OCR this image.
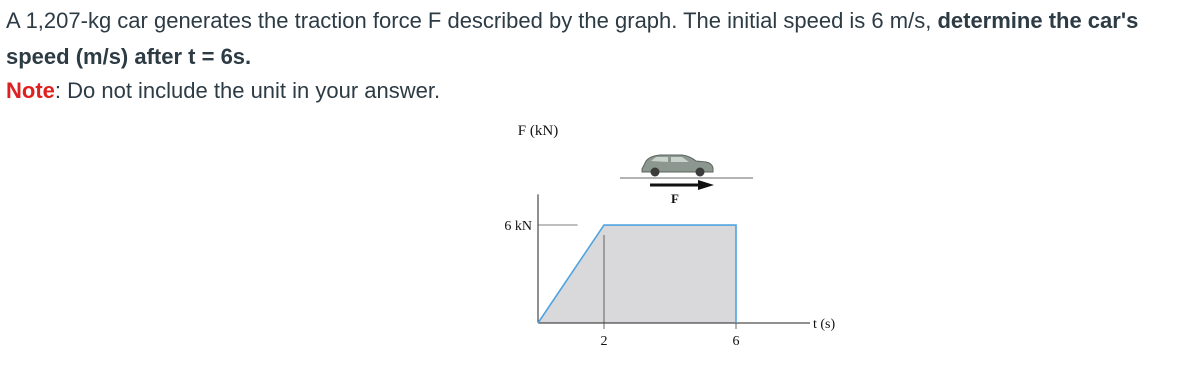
A 1,207-kg car generates the traction force F described by the graph. The initial speed is 6 m/s, determine the car's speed (m/s) after t = 6s.
Note: Do not include the unit in your answer.
F
6 kN
2	6
F (kN)
t (s)
